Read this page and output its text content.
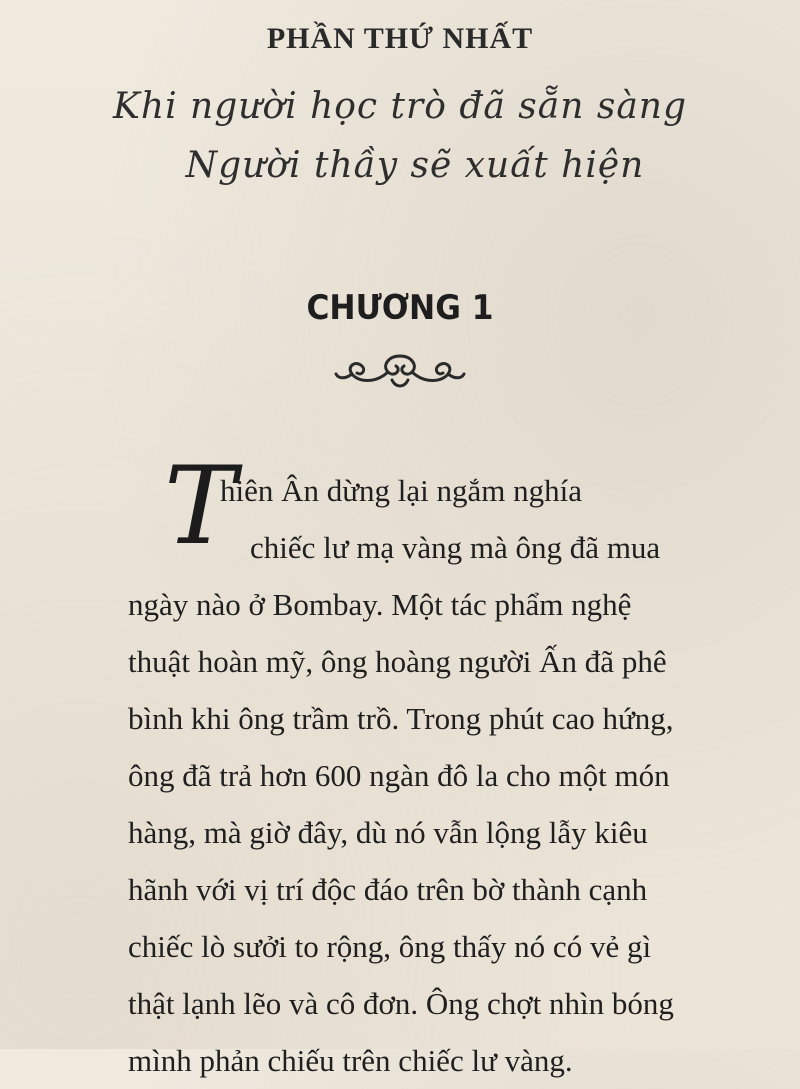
PHẦN THỨ NHẤT
Khi người học trò đã sẵn sàng
Người thầy sẽ xuất hiện
CHƯƠNG 1
T
hiên Ân dừng lại ngắm nghía
chiếc lư mạ vàng mà ông đã mua
ngày nào ở Bombay. Một tác phẩm nghệ
thuật hoàn mỹ, ông hoàng người Ấn đã phê
bình khi ông trầm trồ. Trong phút cao hứng,
ông đã trả hơn 600 ngàn đô la cho một món
hàng, mà giờ đây, dù nó vẫn lộng lẫy kiêu
hãnh với vị trí độc đáo trên bờ thành cạnh
chiếc lò sưởi to rộng, ông thấy nó có vẻ gì
thật lạnh lẽo và cô đơn. Ông chợt nhìn bóng
mình phản chiếu trên chiếc lư vàng.
